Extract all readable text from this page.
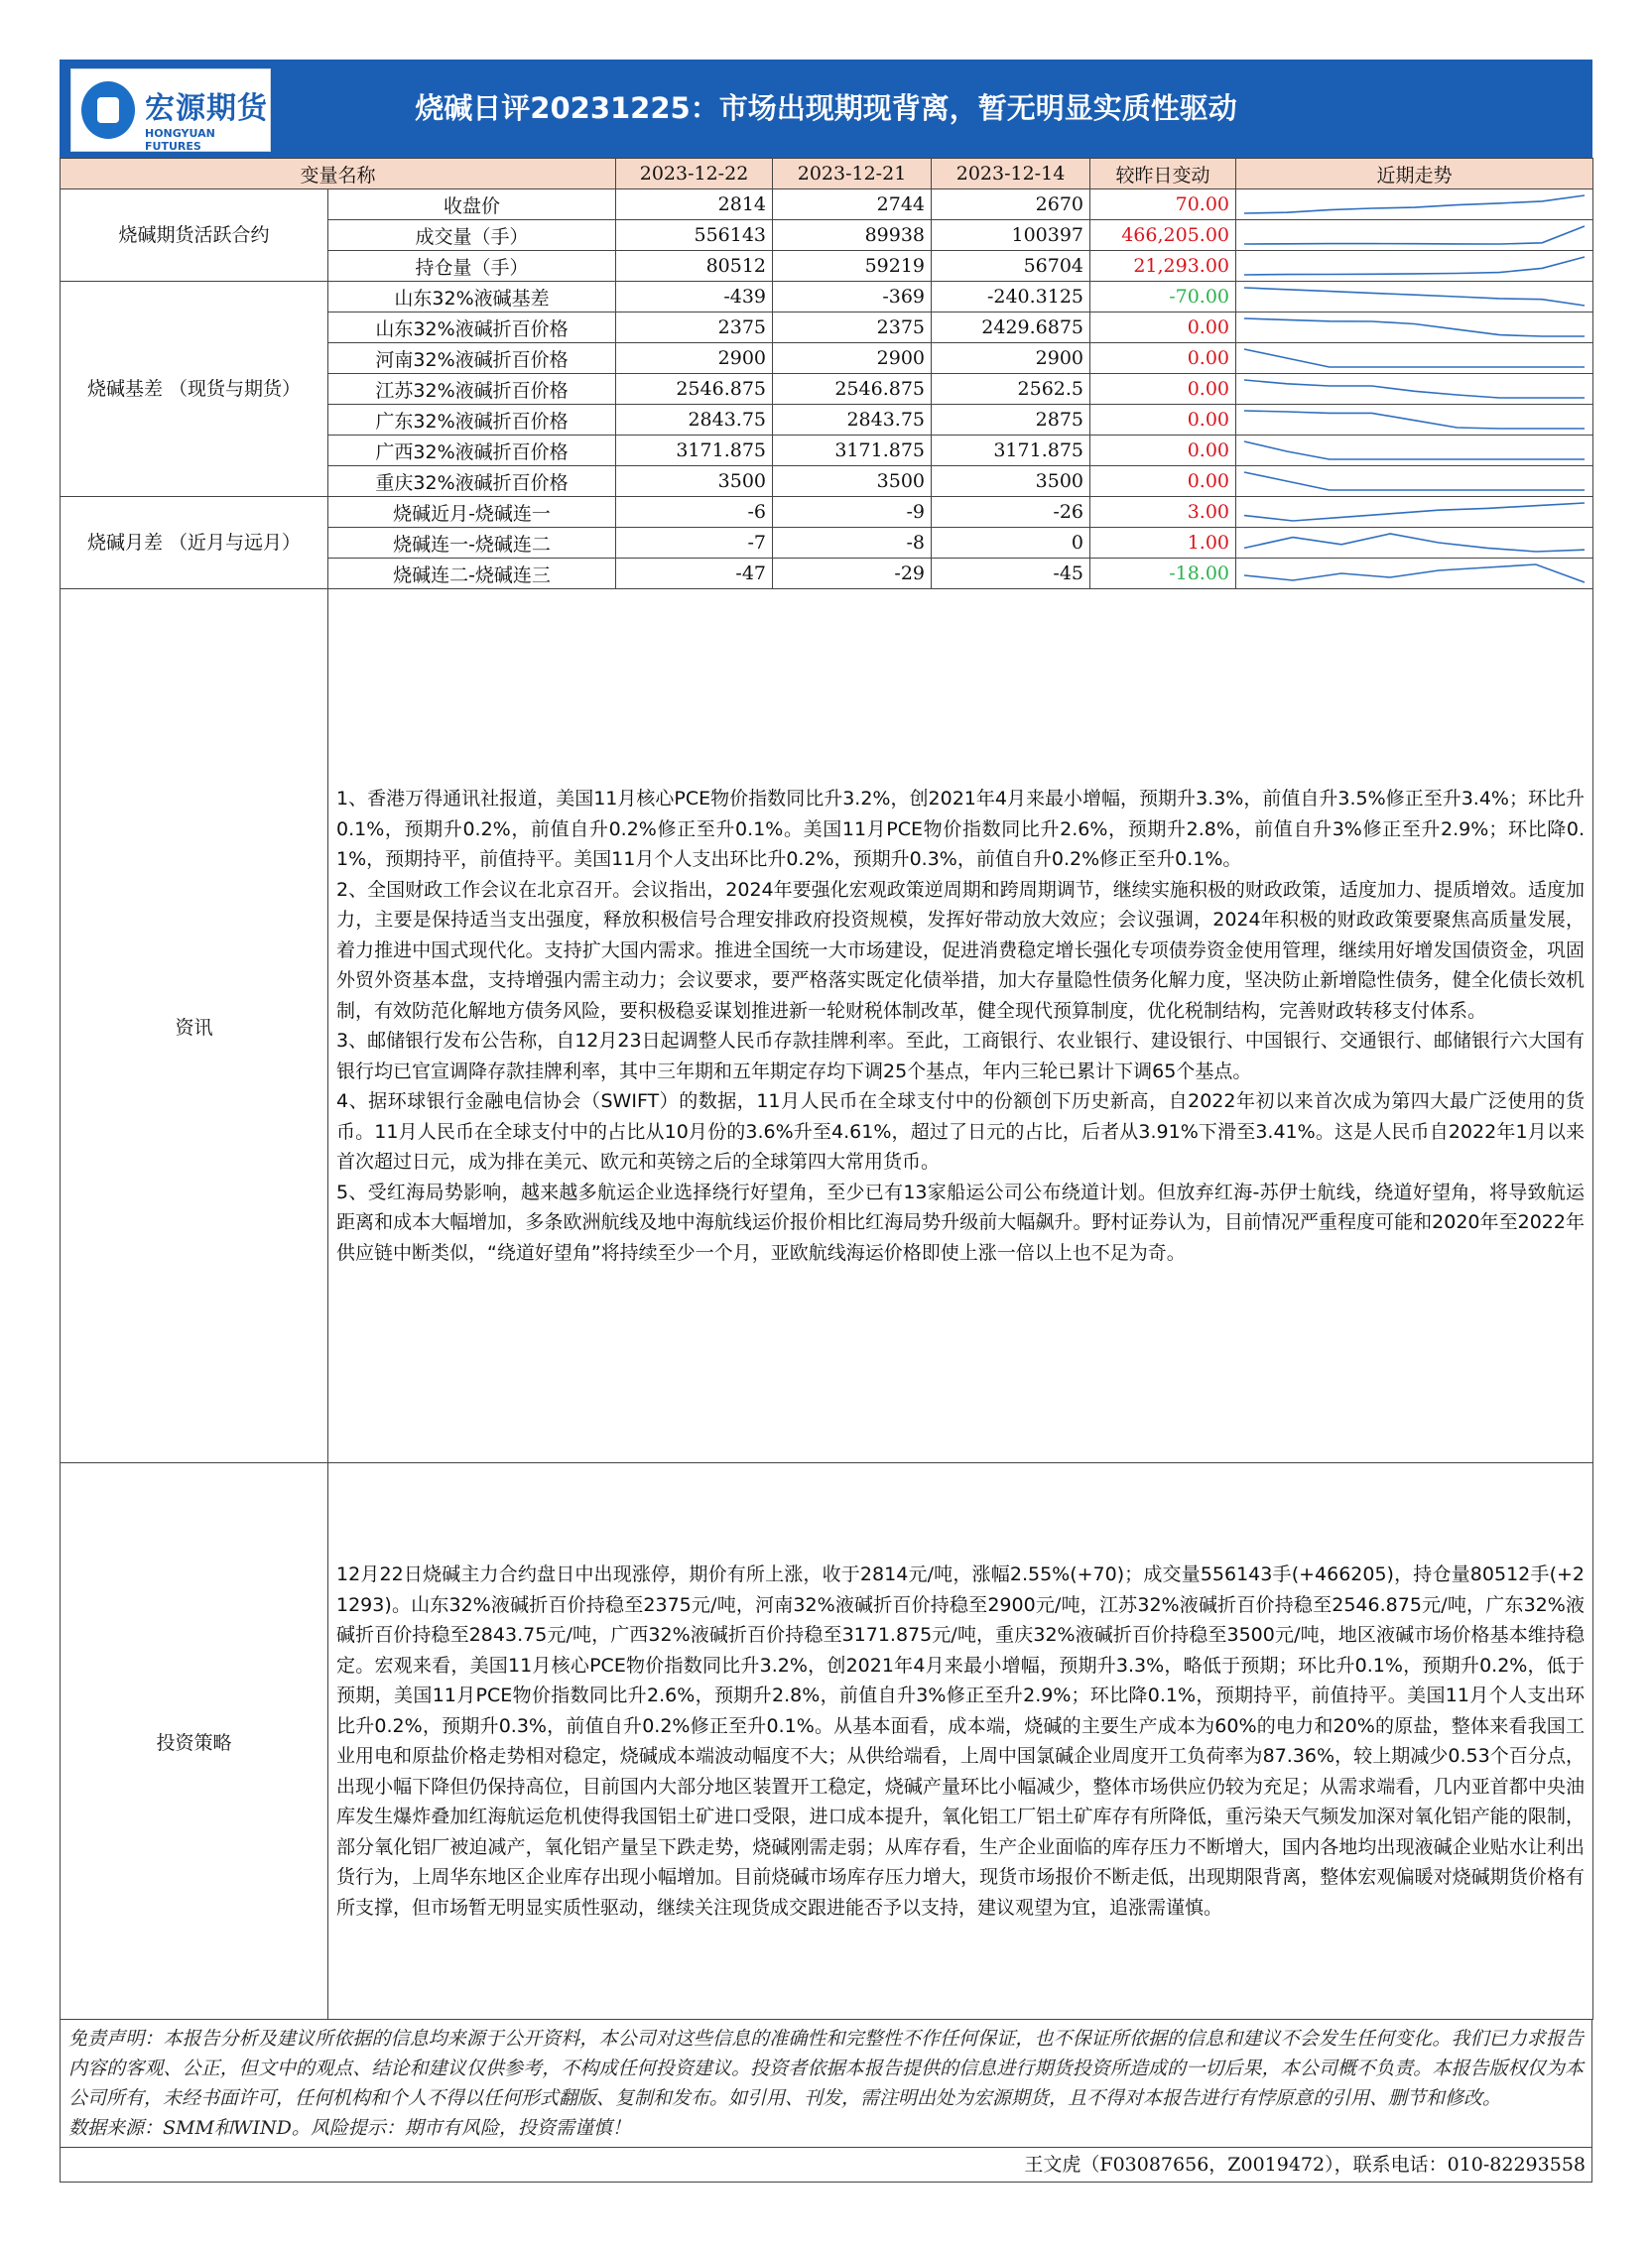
宏源期货
HONGYUAN FUTURES
烧碱日评20231225：市场出现期现背离，暂无明显实质性驱动
变量名称		2023-12-22	2023-12-21	2023-12-14	较昨日变动	近期走势
烧碱期货活跃合约	收盘价	2814	2744	2670	70.00	

	成交量（手）	556143	89938	100397	466,205.00	

	持仓量（手）	80512	59219	56704	21,293.00	

烧碱基差 （现货与期货）	山东32%液碱基差	-439	-369	-240.3125	-70.00	

	山东32%液碱折百价格	2375	2375	2429.6875	0.00	

	河南32%液碱折百价格	2900	2900	2900	0.00	

	江苏32%液碱折百价格	2546.875	2546.875	2562.5	0.00	

	广东32%液碱折百价格	2843.75	2843.75	2875	0.00	

	广西32%液碱折百价格	3171.875	3171.875	3171.875	0.00	

	重庆32%液碱折百价格	3500	3500	3500	0.00	

烧碱月差 （近月与远月）	烧碱近月-烧碱连一	-6	-9	-26	3.00	

	烧碱连一-烧碱连二	-7	-8	0	1.00	

	烧碱连二-烧碱连三	-47	-29	-45	-18.00	

资讯	1、香港万得通讯社报道，美国11月核心PCE物价指数同比升3.2%，创2021年4月来最小增幅，预期升3.3%，前值自升3.5%修正至升3.4%；环比升0.1%，预期升0.2%，前值自升0.2%修正至升0.1%。美国11月PCE物价指数同比升2.6%，预期升2.8%，前值自升3%修正至升2.9%；环比降0.1%，预期持平，前值持平。美国11月个人支出环比升0.2%，预期升0.3%，前值自升0.2%修正至升0.1%。

2、全国财政工作会议在北京召开。会议指出，2024年要强化宏观政策逆周期和跨周期调节，继续实施积极的财政政策，适度加力、提质增效。适度加力，主要是保持适当支出强度，释放积极信号合理安排政府投资规模，发挥好带动放大效应；会议强调，2024年积极的财政政策要聚焦高质量发展，着力推进中国式现代化。支持扩大国内需求。推进全国统一大市场建设，促进消费稳定增长强化专项债券资金使用管理，继续用好增发国债资金，巩固外贸外资基本盘，支持增强内需主动力；会议要求，要严格落实既定化债举措，加大存量隐性债务化解力度，坚决防止新增隐性债务，健全化债长效机制，有效防范化解地方债务风险，要积极稳妥谋划推进新一轮财税体制改革，健全现代预算制度，优化税制结构，完善财政转移支付体系。

3、邮储银行发布公告称，自12月23日起调整人民币存款挂牌利率。至此，工商银行、农业银行、建设银行、中国银行、交通银行、邮储银行六大国有银行均已官宣调降存款挂牌利率，其中三年期和五年期定存均下调25个基点，年内三轮已累计下调65个基点。

4、据环球银行金融电信协会（SWIFT）的数据，11月人民币在全球支付中的份额创下历史新高，自2022年初以来首次成为第四大最广泛使用的货币。11月人民币在全球支付中的占比从10月份的3.6%升至4.61%，超过了日元的占比，后者从3.91%下滑至3.41%。这是人民币自2022年1月以来首次超过日元，成为排在美元、欧元和英镑之后的全球第四大常用货币。

5、受红海局势影响，越来越多航运企业选择绕行好望角，至少已有13家船运公司公布绕道计划。但放弃红海-苏伊士航线，绕道好望角，将导致航运距离和成本大幅增加，多条欧洲航线及地中海航线运价报价相比红海局势升级前大幅飙升。野村证券认为，目前情况严重程度可能和2020年至2022年供应链中断类似，“绕道好望角”将持续至少一个月，亚欧航线海运价格即使上涨一倍以上也不足为奇。					

投资策略	12月22日烧碱主力合约盘日中出现涨停，期价有所上涨，收于2814元/吨，涨幅2.55%(+70)；成交量556143手(+466205)，持仓量80512手(+21293)。山东32%液碱折百价持稳至2375元/吨，河南32%液碱折百价持稳至2900元/吨，江苏32%液碱折百价持稳至2546.875元/吨，广东32%液碱折百价持稳至2843.75元/吨，广西32%液碱折百价持稳至3171.875元/吨，重庆32%液碱折百价持稳至3500元/吨，地区液碱市场价格基本维持稳定。宏观来看，美国11月核心PCE物价指数同比升3.2%，创2021年4月来最小增幅，预期升3.3%，略低于预期；环比升0.1%，预期升0.2%，低于预期，美国11月PCE物价指数同比升2.6%，预期升2.8%，前值自升3%修正至升2.9%；环比降0.1%，预期持平，前值持平。美国11月个人支出环比升0.2%，预期升0.3%，前值自升0.2%修正至升0.1%。从基本面看，成本端，烧碱的主要生产成本为60%的电力和20%的原盐，整体来看我国工业用电和原盐价格走势相对稳定，烧碱成本端波动幅度不大；从供给端看，上周中国氯碱企业周度开工负荷率为87.36%，较上期减少0.53个百分点，出现小幅下降但仍保持高位，目前国内大部分地区装置开工稳定，烧碱产量环比小幅减少，整体市场供应仍较为充足；从需求端看，几内亚首都中央油库发生爆炸叠加红海航运危机使得我国铝土矿进口受限，进口成本提升，氧化铝工厂铝土矿库存有所降低，重污染天气频发加深对氧化铝产能的限制，部分氧化铝厂被迫减产，氧化铝产量呈下跌走势，烧碱刚需走弱；从库存看，生产企业面临的库存压力不断增大，国内各地均出现液碱企业贴水让利出货行为，上周华东地区企业库存出现小幅增加。目前烧碱市场库存压力增大，现货市场报价不断走低，出现期限背离，整体宏观偏暖对烧碱期货价格有所支撑，但市场暂无明显实质性驱动，继续关注现货成交跟进能否予以支持，建议观望为宜，追涨需谨慎。					

免责声明：本报告分析及建议所依据的信息均来源于公开资料，本公司对这些信息的准确性和完整性不作任何保证，也不保证所依据的信息和建议不会发生任何变化。我们已力求报告内容的客观、公正，但文中的观点、结论和建议仅供参考，不构成任何投资建议。投资者依据本报告提供的信息进行期货投资所造成的一切后果，本公司概不负责。本报告版权仅为本公司所有，未经书面许可，任何机构和个人不得以任何形式翻版、复制和发布。如引用、刊发，需注明出处为宏源期货，且不得对本报告进行有悖原意的引用、删节和修改。
数据来源：SMM和WIND。风险提示：期市有风险，投资需谨慎！
王文虎（F03087656，Z0019472），联系电话：010-82293558
